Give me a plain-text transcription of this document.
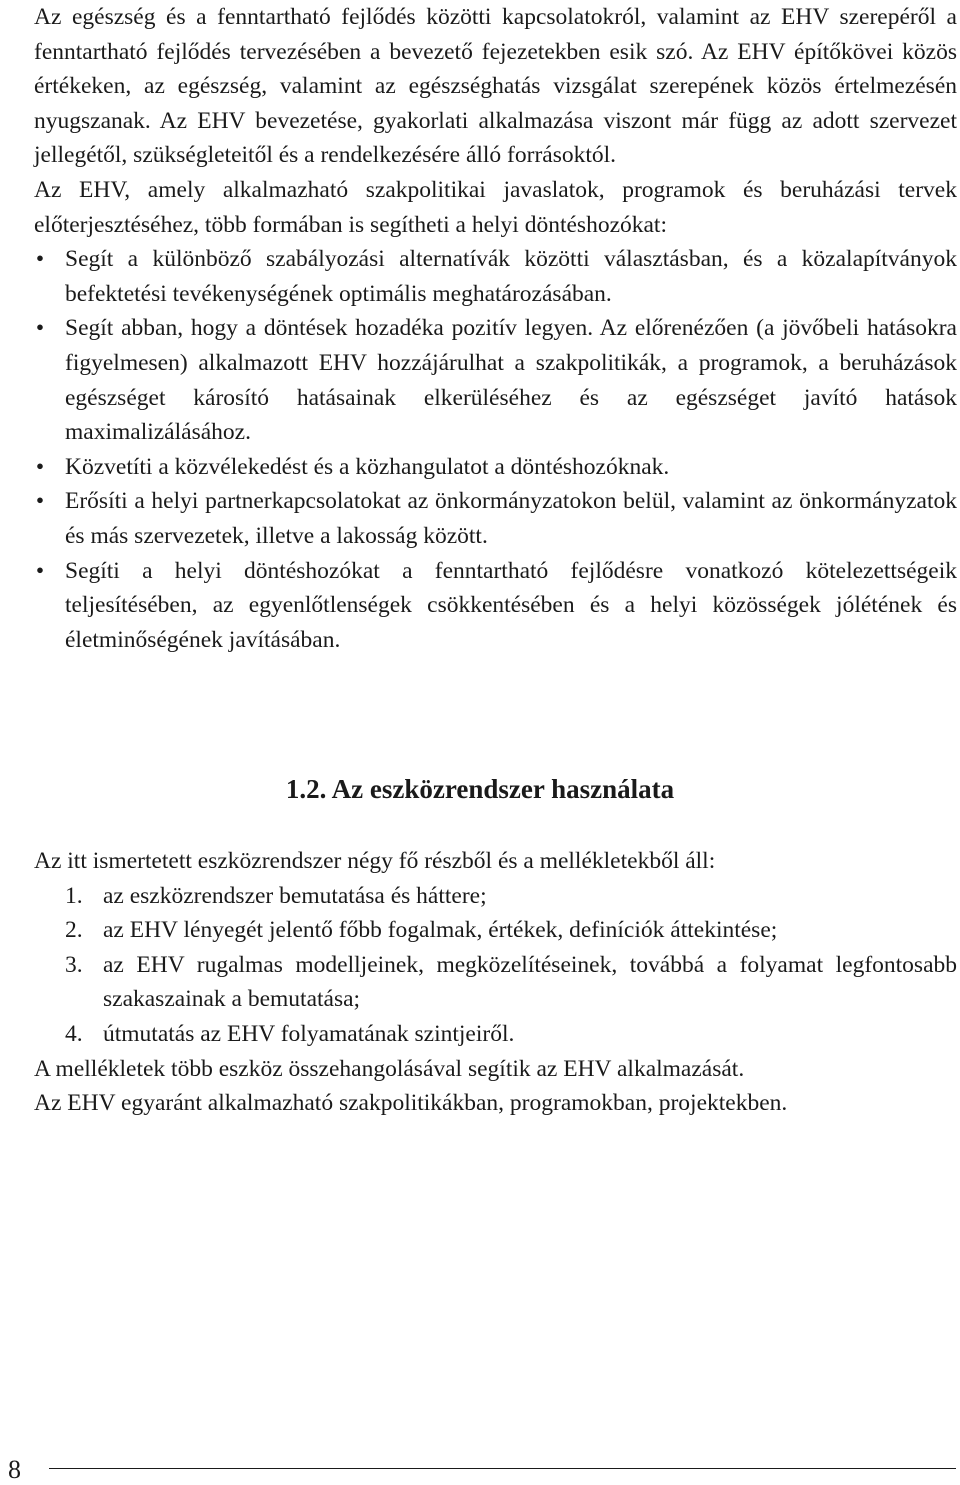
Az egészség és a fenntartható fejlődés közötti kapcsolatokról, valamint az EHV szerepéről a fenntartható fejlődés tervezésében a bevezető fejezetekben esik szó. Az EHV építőkövei közös értékeken, az egészség, valamint az egészséghatás vizsgálat szerepének közös értelmezésén nyugszanak. Az EHV bevezetése, gyakorlati alkalmazása viszont már függ az adott szervezet jellegétől, szükségleteitől és a rendelkezésére álló forrásoktól.

Az EHV, amely alkalmazható szakpolitikai javaslatok, programok és beruházási tervek előterjesztéséhez, több formában is segítheti a helyi döntéshozókat:

• Segít a különböző szabályozási alternatívák közötti választásban, és a közalapítványok befektetési tevékenységének optimális meghatározásában.
• Segít abban, hogy a döntések hozadéka pozitív legyen. Az előrenézően (a jövőbeli hatásokra figyelmesen) alkalmazott EHV hozzájárulhat a szakpolitikák, a programok, a beruházások egészséget károsító hatásainak elkerüléséhez és az egészséget javító hatások maximalizálásához.
• Közvetíti a közvélekedést és a közhangulatot a döntéshozóknak.
• Erősíti a helyi partnerkapcsolatokat az önkormányzatokon belül, valamint az önkormányzatok és más szervezetek, illetve a lakosság között.
• Segíti a helyi döntéshozókat a fenntartható fejlődésre vonatkozó kötelezettségeik teljesítésében, az egyenlőtlenségek csökkentésében és a helyi közösségek jólétének és életminőségének javításában.
1.2. Az eszközrendszer használata

Az itt ismertetett eszközrendszer négy fő részből és a mellékletekből áll:

1. az eszközrendszer bemutatása és háttere;
2. az EHV lényegét jelentő főbb fogalmak, értékek, definíciók áttekintése;
3. az EHV rugalmas modelljeinek, megközelítéseinek, továbbá a folyamat legfontosabb szakaszainak a bemutatása;
4. útmutatás az EHV folyamatának szintjeiről.

A mellékletek több eszköz összehangolásával segítik az EHV alkalmazását.

Az EHV egyaránt alkalmazható szakpolitikákban, programokban, projektekben.

8
